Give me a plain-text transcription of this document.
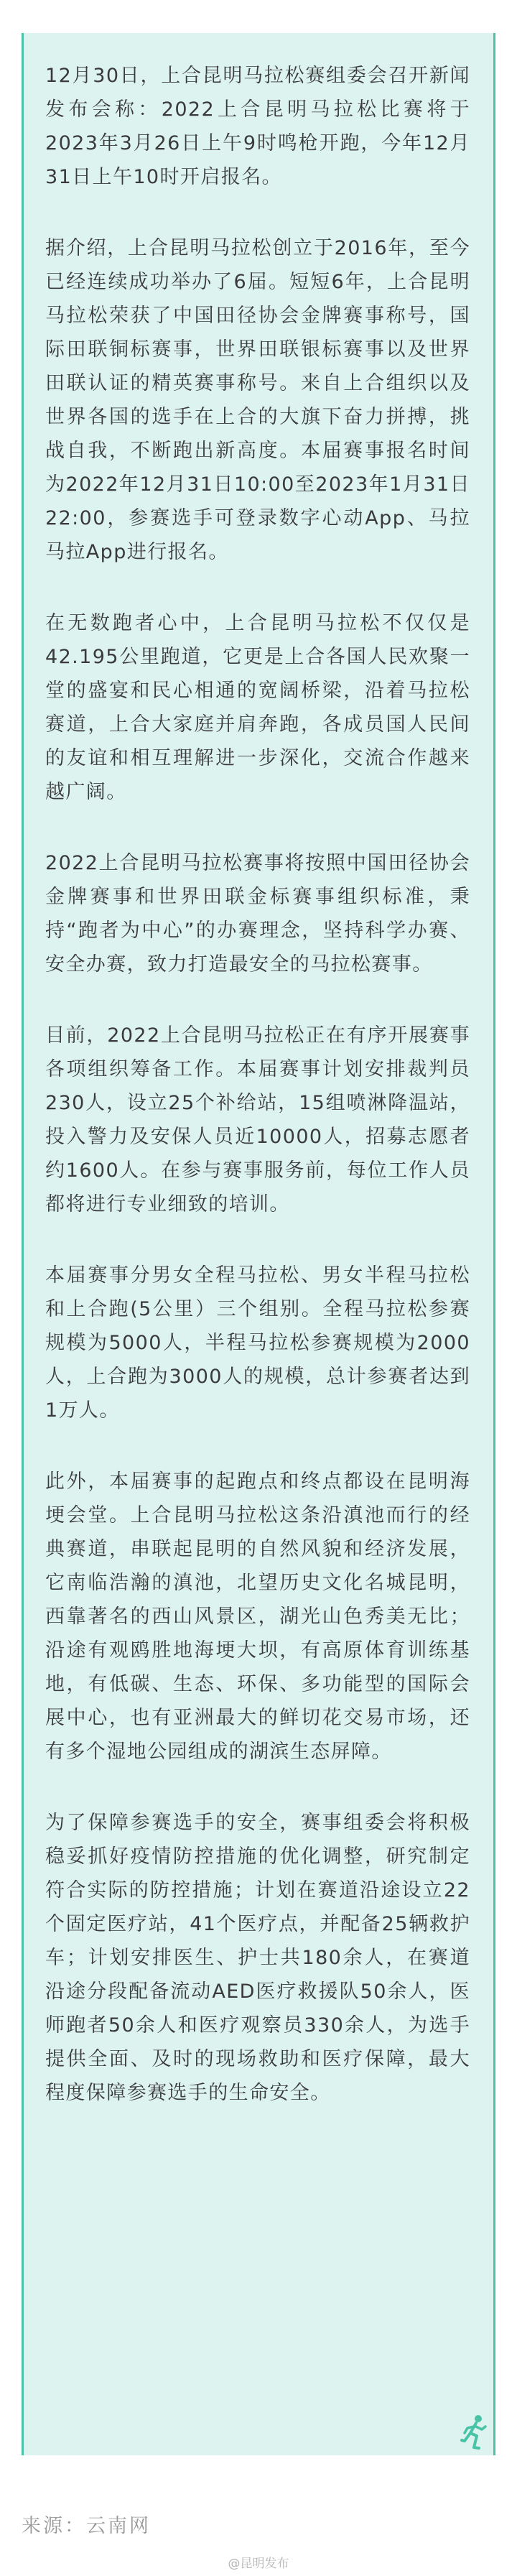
12月30日，上合昆明马拉松赛组委会召开新闻发布会称：2022上合昆明马拉松比赛将于2023年3月26日上午9时鸣枪开跑，今年12月31日上午10时开启报名。

据介绍，上合昆明马拉松创立于2016年，至今已经连续成功举办了6届。短短6年，上合昆明马拉松荣获了中国田径协会金牌赛事称号，国际田联铜标赛事，世界田联银标赛事以及世界田联认证的精英赛事称号。来自上合组织以及世界各国的选手在上合的大旗下奋力拼搏，挑战自我，不断跑出新高度。本届赛事报名时间为2022年12月31日10:00至2023年1月31日22:00，参赛选手可登录数字心动App、马拉马拉App进行报名。

在无数跑者心中，上合昆明马拉松不仅仅是42.195公里跑道，它更是上合各国人民欢聚一堂的盛宴和民心相通的宽阔桥梁，沿着马拉松赛道，上合大家庭并肩奔跑，各成员国人民间的友谊和相互理解进一步深化，交流合作越来越广阔。

2022上合昆明马拉松赛事将按照中国田径协会金牌赛事和世界田联金标赛事组织标准，秉持“跑者为中心”的办赛理念，坚持科学办赛、安全办赛，致力打造最安全的马拉松赛事。

目前，2022上合昆明马拉松正在有序开展赛事各项组织筹备工作。本届赛事计划安排裁判员230人，设立25个补给站，15组喷淋降温站，投入警力及安保人员近10000人，招募志愿者约1600人。在参与赛事服务前，每位工作人员都将进行专业细致的培训。

本届赛事分男女全程马拉松、男女半程马拉松和上合跑(5公里）三个组别。全程马拉松参赛规模为5000人，半程马拉松参赛规模为2000人，上合跑为3000人的规模，总计参赛者达到1万人。

此外，本届赛事的起跑点和终点都设在昆明海埂会堂。上合昆明马拉松这条沿滇池而行的经典赛道，串联起昆明的自然风貌和经济发展，它南临浩瀚的滇池，北望历史文化名城昆明，西靠著名的西山风景区，湖光山色秀美无比；沿途有观鸥胜地海埂大坝，有高原体育训练基地，有低碳、生态、环保、多功能型的国际会展中心，也有亚洲最大的鲜切花交易市场，还有多个湿地公园组成的湖滨生态屏障。

为了保障参赛选手的安全，赛事组委会将积极稳妥抓好疫情防控措施的优化调整，研究制定符合实际的防控措施；计划在赛道沿途设立22个固定医疗站，41个医疗点，并配备25辆救护车；计划安排医生、护士共180余人，在赛道沿途分段配备流动AED医疗救援队50余人，医师跑者50余人和医疗观察员330余人，为选手提供全面、及时的现场救助和医疗保障，最大程度保障参赛选手的生命安全。

来源：云南网
@昆明发布
